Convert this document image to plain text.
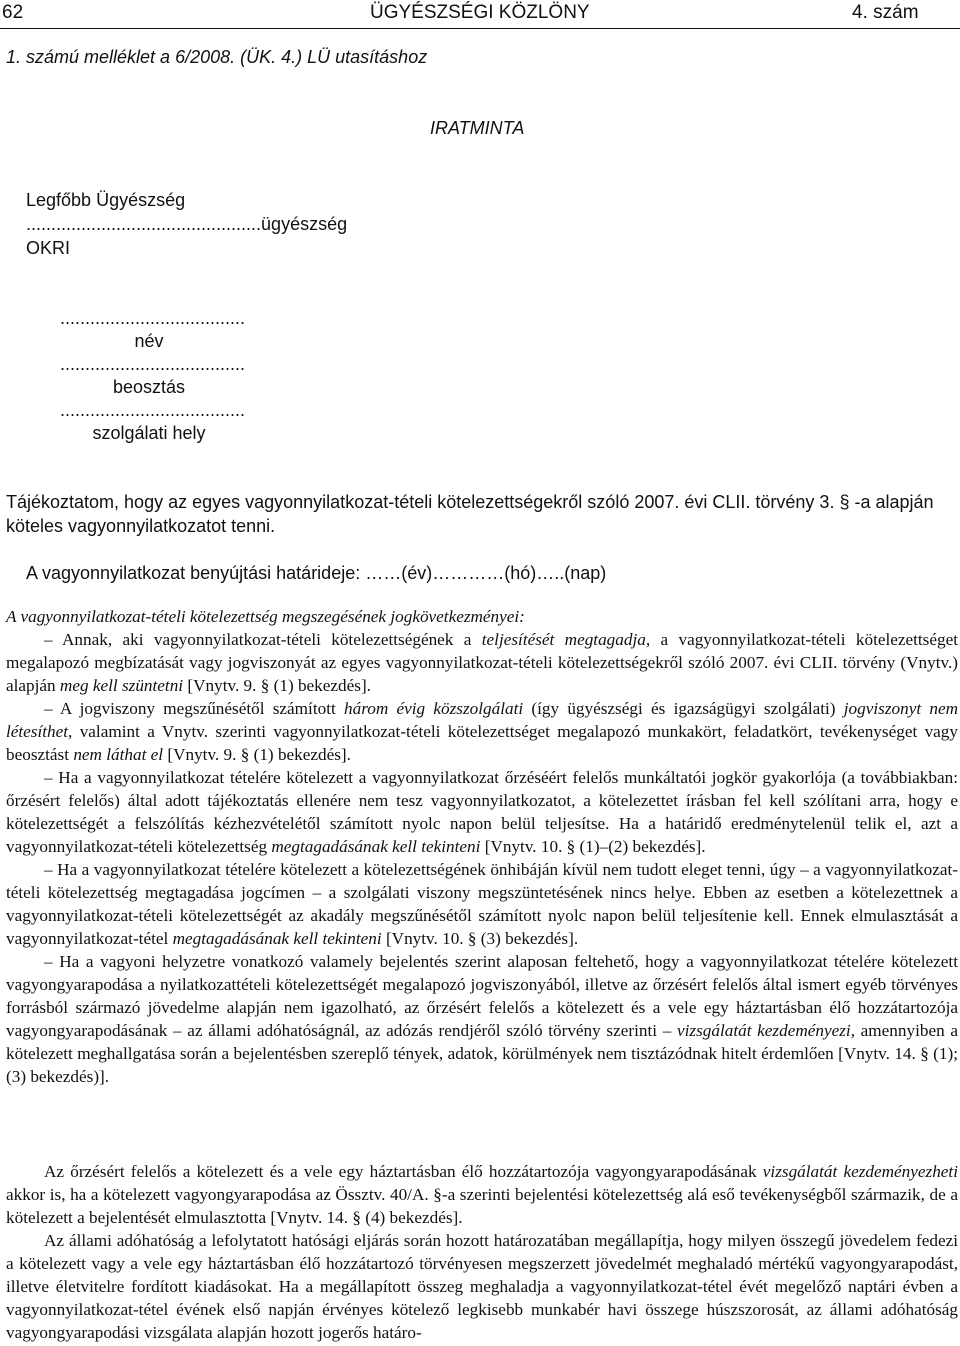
62	ÜGYÉSZSÉGI KÖZLÖNY	4. szám
1. számú melléklet a 6/2008. (ÜK. 4.) LÜ utasításhoz
IRATMINTA
Legfőbb Ügyészség
...............................................ügyészség
OKRI
.....................................
név
.....................................
beosztás
.....................................
szolgálati hely
Tájékoztatom, hogy az egyes vagyonnyilatkozat-tételi kötelezettségekről szóló 2007. évi CLII. törvény 3. § -a alapján köteles vagyonnyilatkozatot tenni.
A vagyonnyilatkozat benyújtási határideje: ……(év)…………(hó)…..(nap)

A vagyonnyilatkozat-tételi kötelezettség megszegésének jogkövetkezményei:

– Annak, aki vagyonnyilatkozat-tételi kötelezettségének a teljesítését megtagadja, a vagyonnyilatkozat-tételi kötelezettséget megalapozó megbízatását vagy jogviszonyát az egyes vagyonnyilatkozat-tételi kötelezettségekről szóló 2007. évi CLII. törvény (Vnytv.) alapján meg kell szüntetni [Vnytv. 9. § (1) bekezdés].

– A jogviszony megszűnésétől számított három évig közszolgálati (így ügyészségi és igazságügyi szolgálati) jogviszonyt nem létesíthet, valamint a Vnytv. szerinti vagyonnyilatkozat-tételi kötelezettséget megalapozó munkakört, feladatkört, tevékenységet vagy beosztást nem láthat el [Vnytv. 9. § (1) bekezdés].

– Ha a vagyonnyilatkozat tételére kötelezett a vagyonnyilatkozat őrzéséért felelős munkáltatói jogkör gyakorlója (a továbbiakban: őrzésért felelős) által adott tájékoztatás ellenére nem tesz vagyonnyilatkozatot, a kötelezettet írásban fel kell szólítani arra, hogy e kötelezettségét a felszólítás kézhezvételétől számított nyolc napon belül teljesítse. Ha a határidő eredménytelenül telik el, azt a vagyonnyilatkozat-tételi kötelezettség megtagadásának kell tekinteni [Vnytv. 10. § (1)–(2) bekezdés].

– Ha a vagyonnyilatkozat tételére kötelezett a kötelezettségének önhibáján kívül nem tudott eleget tenni, úgy – a vagyonnyilatkozat-tételi kötelezettség megtagadása jogcímen – a szolgálati viszony megszüntetésének nincs helye. Ebben az esetben a kötelezettnek a vagyonnyilatkozat-tételi kötelezettségét az akadály megszűnésétől számított nyolc napon belül teljesítenie kell. Ennek elmulasztását a vagyonnyilatkozat-tétel megtagadásának kell tekinteni [Vnytv. 10. § (3) bekezdés].

– Ha a vagyoni helyzetre vonatkozó valamely bejelentés szerint alaposan feltehető, hogy a vagyonnyilatkozat tételére kötelezett vagyongyarapodása a nyilatkozattételi kötelezettségét megalapozó jogviszonyából, illetve az őrzésért felelős által ismert egyéb törvényes forrásból származó jövedelme alapján nem igazolható, az őrzésért felelős a kötelezett és a vele egy háztartásban élő hozzátartozója vagyongyarapodásának – az állami adóhatóságnál, az adózás rendjéről szóló törvény szerinti – vizsgálatát kezdeményezi, amennyiben a kötelezett meghallgatása során a bejelentésben szereplő tények, adatok, körülmények nem tisztázódnak hitelt érdemlően [Vnytv. 14. § (1); (3) bekezdés)].

Az őrzésért felelős a kötelezett és a vele egy háztartásban élő hozzátartozója vagyongyarapodásának vizsgálatát kezdeményezheti akkor is, ha a kötelezett vagyongyarapodása az Össztv. 40/A. §-a szerinti bejelentési kötelezettség alá eső tevékenységből származik, de a kötelezett a bejelentését elmulasztotta [Vnytv. 14. § (4) bekezdés].

Az állami adóhatóság a lefolytatott hatósági eljárás során hozott határozatában megállapítja, hogy milyen összegű jövedelem fedezi a kötelezett vagy a vele egy háztartásban élő hozzátartozó törvényesen megszerzett jövedelmét meghaladó mértékű vagyongyarapodást, illetve életvitelre fordított kiadásokat. Ha a megállapított összeg meghaladja a vagyonnyilatkozat-tétel évét megelőző naptári évben a vagyonnyilatkozat-tétel évének első napján érvényes kötelező legkisebb munkabér havi összege húszszorosát, az állami adóhatóság vagyongyarapodási vizsgálata alapján hozott jogerős határo-
